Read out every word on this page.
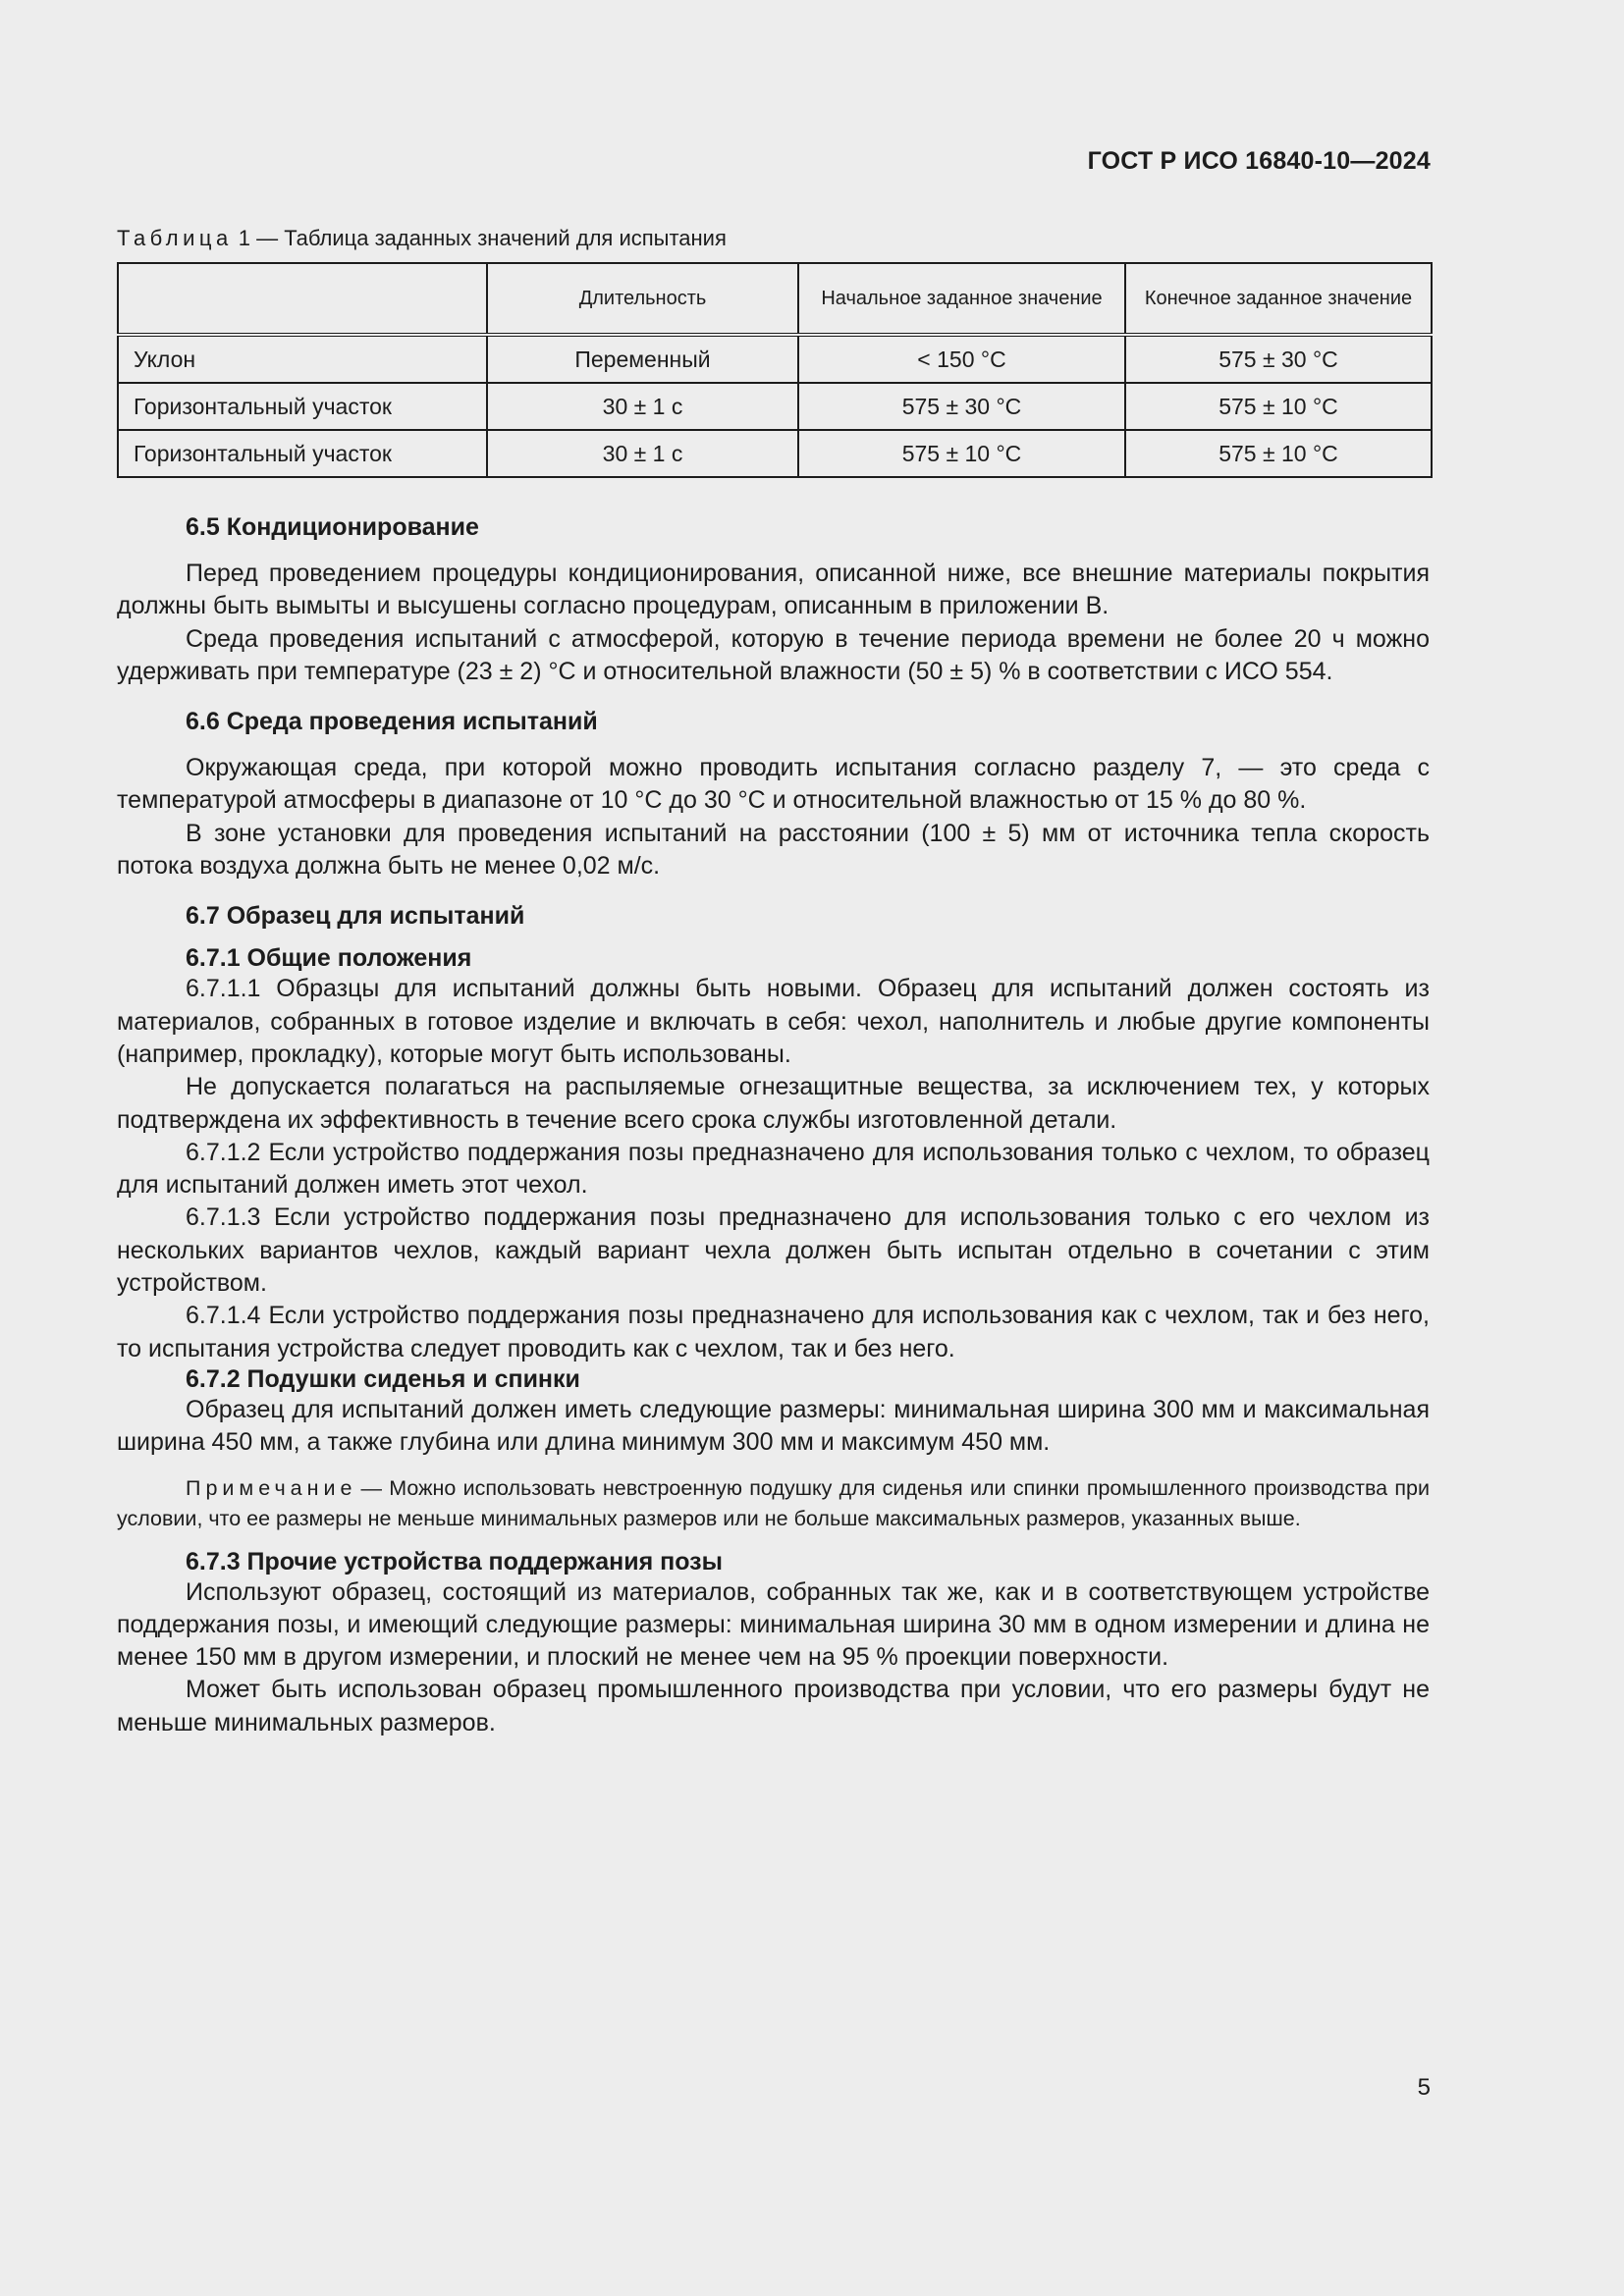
ГОСТ Р ИСО 16840-10—2024
Таблица 1 — Таблица заданных значений для испытания
	Длительность	Начальное заданное значение	Конечное заданное значение
Уклон	Переменный	< 150 °С	575 ± 30 °С
Горизонтальный участок	30 ± 1 с	575 ± 30 °С	575 ± 10 °С
Горизонтальный участок	30 ± 1 с	575 ± 10 °С	575 ± 10 °С
6.5 Кондиционирование

Перед проведением процедуры кондиционирования, описанной ниже, все внешние материалы покрытия должны быть вымыты и высушены согласно процедурам, описанным в приложении В.

Среда проведения испытаний с атмосферой, которую в течение периода времени не более 20 ч можно удерживать при температуре (23 ± 2) °С и относительной влажности (50 ± 5) % в соответствии с ИСО 554.

6.6 Среда проведения испытаний

Окружающая среда, при которой можно проводить испытания согласно разделу 7, — это среда с температурой атмосферы в диапазоне от 10 °С до 30 °С и относительной влажностью от 15 % до 80 %.

В зоне установки для проведения испытаний на расстоянии (100 ± 5) мм от источника тепла скорость потока воздуха должна быть не менее 0,02 м/с.

6.7 Образец для испытаний
6.7.1 Общие положения

6.7.1.1 Образцы для испытаний должны быть новыми. Образец для испытаний должен состоять из материалов, собранных в готовое изделие и включать в себя: чехол, наполнитель и любые другие компоненты (например, прокладку), которые могут быть использованы.

Не допускается полагаться на распыляемые огнезащитные вещества, за исключением тех, у которых подтверждена их эффективность в течение всего срока службы изготовленной детали.

6.7.1.2 Если устройство поддержания позы предназначено для использования только с чехлом, то образец для испытаний должен иметь этот чехол.

6.7.1.3 Если устройство поддержания позы предназначено для использования только с его чехлом из нескольких вариантов чехлов, каждый вариант чехла должен быть испытан отдельно в сочетании с этим устройством.

6.7.1.4 Если устройство поддержания позы предназначено для использования как с чехлом, так и без него, то испытания устройства следует проводить как с чехлом, так и без него.

6.7.2 Подушки сиденья и спинки

Образец для испытаний должен иметь следующие размеры: минимальная ширина 300 мм и максимальная ширина 450 мм, а также глубина или длина минимум 300 мм и максимум 450 мм.

Примечание — Можно использовать невстроенную подушку для сиденья или спинки промышленного производства при условии, что ее размеры не меньше минимальных размеров или не больше максимальных размеров, указанных выше.

6.7.3 Прочие устройства поддержания позы

Используют образец, состоящий из материалов, собранных так же, как и в соответствующем устройстве поддержания позы, и имеющий следующие размеры: минимальная ширина 30 мм в одном измерении и длина не менее 150 мм в другом измерении, и плоский не менее чем на 95 % проекции поверхности.

Может быть использован образец промышленного производства при условии, что его размеры будут не меньше минимальных размеров.

5
